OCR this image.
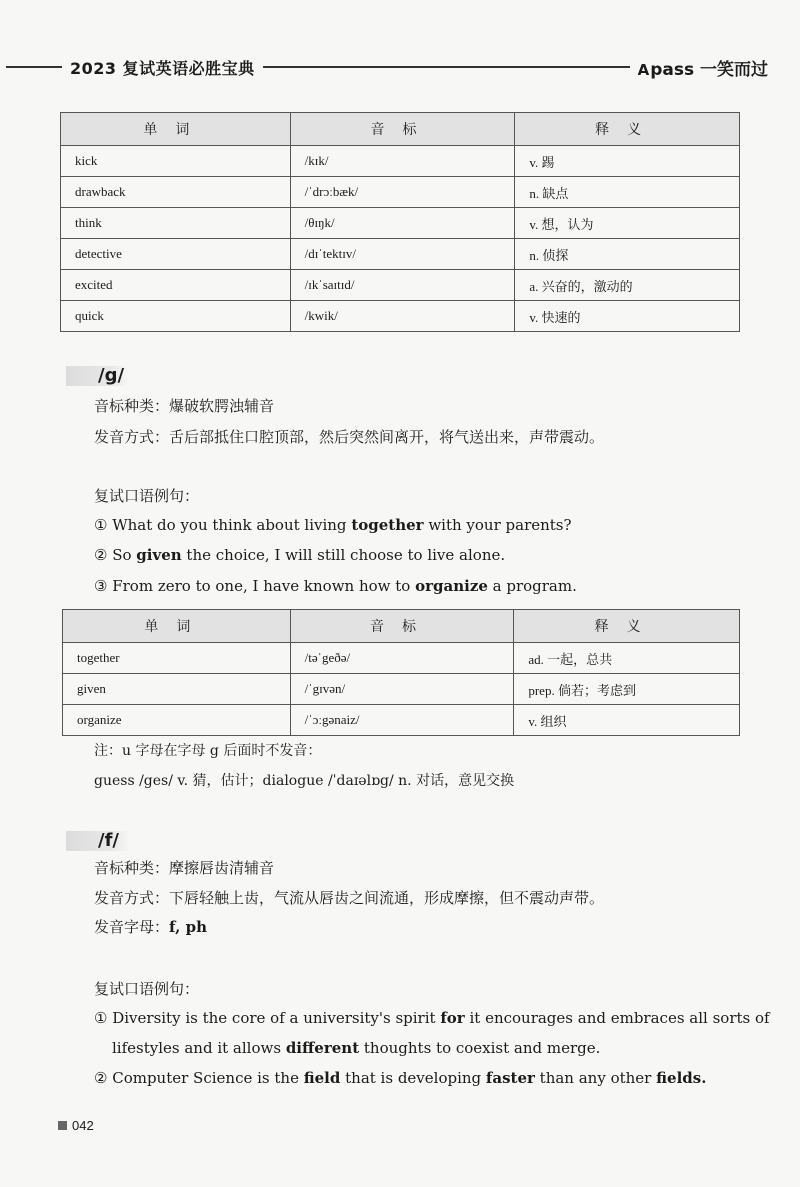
2023 复试英语必胜宝典	Apass 一笑而过
单词	音标	释义
kick	/kɪk/	v. 踢
drawback	/ˈdrɔːbæk/	n. 缺点
think	/θɪŋk/	v. 想，认为
detective	/dɪˈtektɪv/	n. 侦探
excited	/ɪkˈsaɪtɪd/	a. 兴奋的，激动的
quick	/kwik/	v. 快速的
/g/
音标种类：爆破软腭浊辅音
发音方式：舌后部抵住口腔顶部，然后突然间离开，将气送出来，声带震动。
复试口语例句：
① What do you think about living together with your parents?
② So given the choice, I will still choose to live alone.
③ From zero to one, I have known how to organize a program.
单词	音标	释义
together	/təˈgeðə/	ad. 一起，总共
given	/ˈgɪvən/	prep. 倘若；考虑到
organize	/ˈɔːgənaiz/	v. 组织
注：u 字母在字母 g 后面时不发音：
guess /ges/ v. 猜，估计；dialogue /ˈdaɪəlɒg/ n. 对话，意见交换
/f/
音标种类：摩擦唇齿清辅音
发音方式：下唇轻触上齿，气流从唇齿之间流通，形成摩擦，但不震动声带。
发音字母：f, ph
复试口语例句：
① Diversity is the core of a university's spirit for it encourages and embraces all sorts of
lifestyles and it allows different thoughts to coexist and merge.
② Computer Science is the field that is developing faster than any other fields.
042
